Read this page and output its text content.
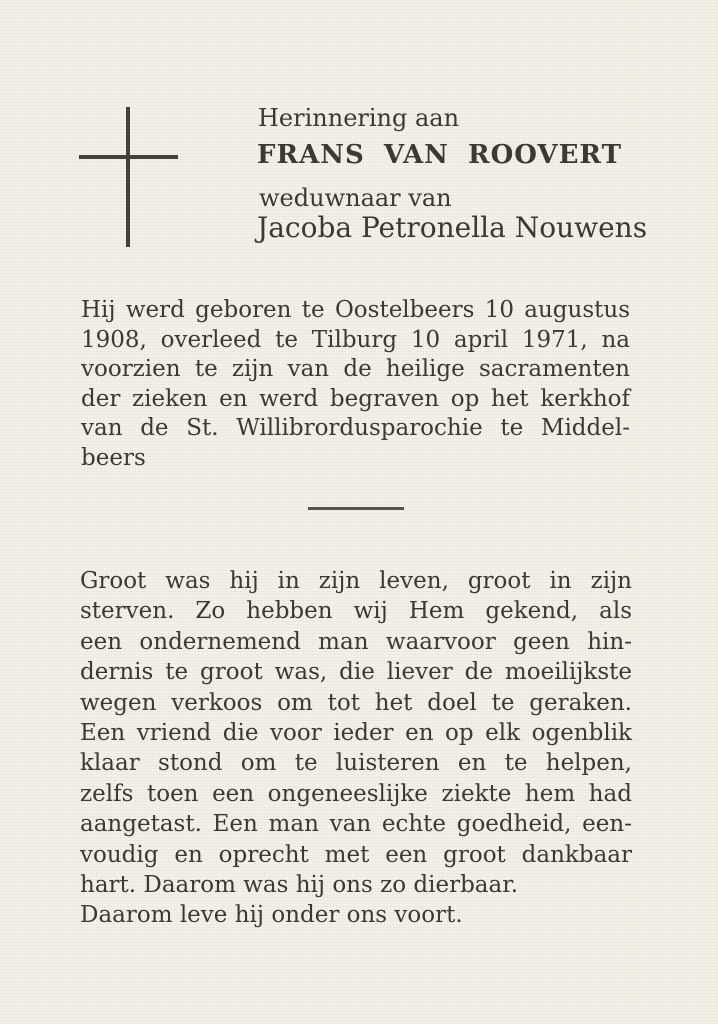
Herinnering aan
FRANS VAN ROOVERT
weduwnaar van
Jacoba Petronella Nouwens
Hij werd geboren te Oostelbeers 10 augustus
1908, overleed te Tilburg 10 april 1971, na
voorzien te zijn van de heilige sacramenten
der zieken en werd begraven op het kerkhof
van de St. Willibrordusparochie te Middel-
beers
Groot was hij in zijn leven, groot in zijn
sterven. Zo hebben wij Hem gekend, als
een ondernemend man waarvoor geen hin-
dernis te groot was, die liever de moeilijkste
wegen verkoos om tot het doel te geraken.
Een vriend die voor ieder en op elk ogenblik
klaar stond om te luisteren en te helpen,
zelfs toen een ongeneeslijke ziekte hem had
aangetast. Een man van echte goedheid, een-
voudig en oprecht met een groot dankbaar
hart. Daarom was hij ons zo dierbaar.
Daarom leve hij onder ons voort.
